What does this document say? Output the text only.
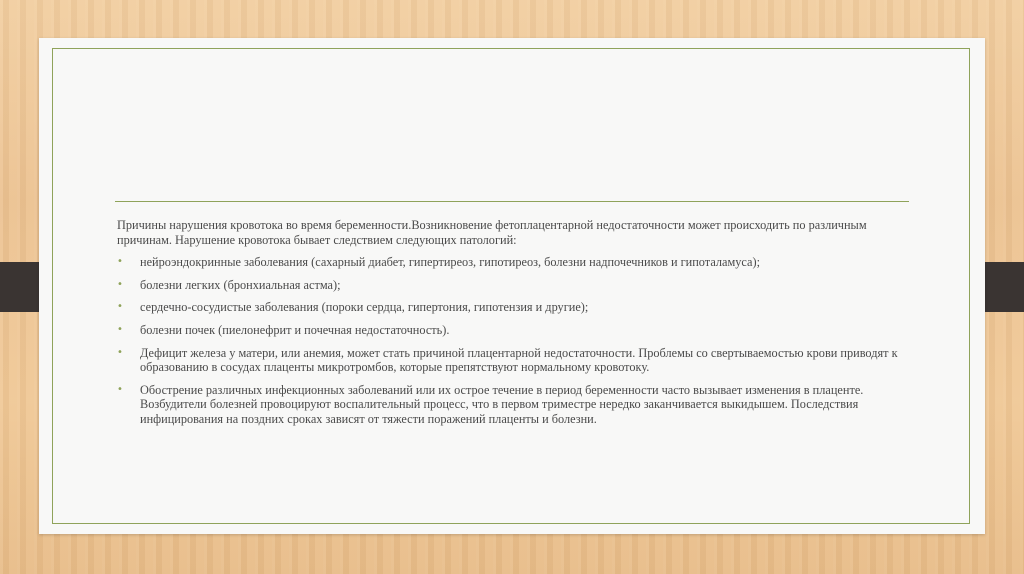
Причины нарушения кровотока во время беременности.Возникновение фетоплацентарной недостаточности может происходить по различным причинам. Нарушение кровотока бывает следствием следующих патологий:

• нейроэндокринные заболевания (сахарный диабет, гипертиреоз, гипотиреоз, болезни надпочечников и гипоталамуса);
• болезни легких (бронхиальная астма);
• сердечно-сосудистые заболевания (пороки сердца, гипертония, гипотензия и другие);
• болезни почек (пиелонефрит и почечная недостаточность).
• Дефицит железа у матери, или анемия, может стать причиной плацентарной недостаточности. Проблемы со свертываемостью крови приводят к образованию в сосудах плаценты микротромбов, которые препятствуют нормальному кровотоку.
• Обострение различных инфекционных заболеваний или их острое течение в период беременности часто вызывает изменения в плаценте. Возбудители болезней провоцируют воспалительный процесс, что в первом триместре нередко заканчивается выкидышем. Последствия инфицирования на поздних сроках зависят от тяжести поражений плаценты и болезни.
